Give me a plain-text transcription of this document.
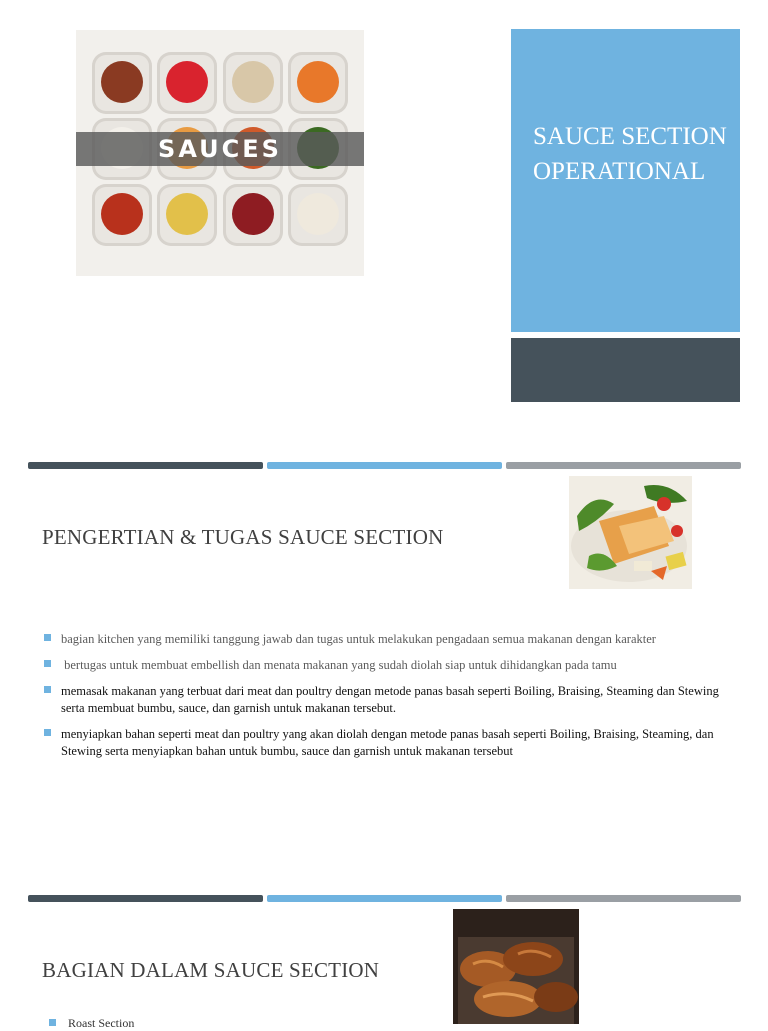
SAUCES	SAUCE SECTION OPERATIONAL
PENGERTIAN & TUGAS SAUCE SECTION
bagian kitchen yang memiliki tanggung jawab dan tugas untuk melakukan pengadaan semua makanan dengan karakter
bertugas untuk membuat embellish dan menata makanan yang sudah diolah siap untuk dihidangkan pada tamu
memasak makanan yang terbuat dari meat dan poultry dengan metode panas basah seperti Boiling, Braising, Steaming dan Stewing serta membuat bumbu, sauce, dan garnish untuk makanan tersebut.
menyiapkan bahan seperti meat dan poultry yang akan diolah dengan metode panas basah seperti Boiling, Braising, Steaming, dan Stewing serta menyiapkan bahan untuk bumbu, sauce dan garnish untuk makanan tersebut
BAGIAN DALAM SAUCE SECTION
Roast Section
